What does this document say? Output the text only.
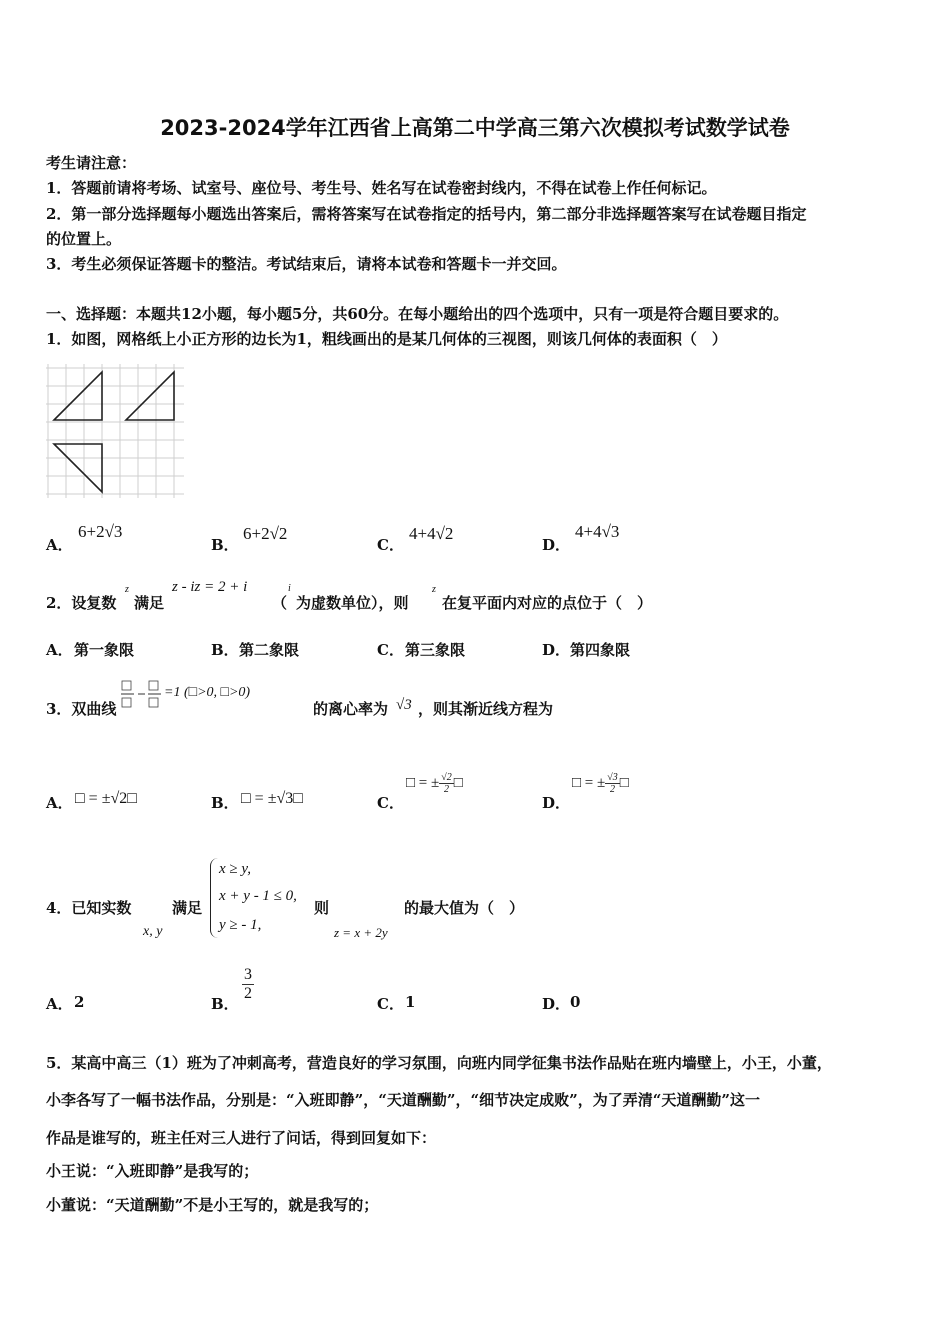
2023-2024学年江西省上高第二中学高三第六次模拟考试数学试卷
考生请注意：
1．答题前请将考场、试室号、座位号、考生号、姓名写在试卷密封线内，不得在试卷上作任何标记。
2．第一部分选择题每小题选出答案后，需将答案写在试卷指定的括号内，第二部分非选择题答案写在试卷题目指定
的位置上。
3．考生必须保证答题卡的整洁。考试结束后，请将本试卷和答题卡一并交回。
一、选择题：本题共12小题，每小题5分，共60分。在每小题给出的四个选项中，只有一项是符合题目要求的。
1．如图，网格纸上小正方形的边长为1，粗线画出的是某几何体的三视图，则该几何体的表面积（　）
A．
6+2√3
B．
6+2√2
C．
4+4√2
D．
4+4√3
2．设复数
z
满足
z - iz = 2 + i
（
i
为虚数单位），则
z
在复平面内对应的点位于（　）
A． 第一象限	B． 第二象限	C． 第三象限	D． 第四象限
3．双曲线
=1 (□>0, □>0)
的离心率为 √3 ，则其渐近线方程为
A． □ = ±√2□	B． □ = ±√3□	C．
□ = ± $\frac{√2}{2}$ □
D．
□ = ± $\frac{√3}{2}$ □
4．已知实数
x, y
满足
x ≥ y,
x + y - 1 ≤ 0,
y ≥ - 1,
则
z = x + 2y
的最大值为（　）
A． 2	B．
$\frac{3}{2}$
C． 1	D． 0
5．某高中高三（1）班为了冲刺高考，营造良好的学习氛围，向班内同学征集书法作品贴在班内墙壁上，小王，小董，
小李各写了一幅书法作品，分别是：“入班即静”，“天道酬勤”，“细节决定成败”，为了弄清“天道酬勤”这一
作品是谁写的，班主任对三人进行了问话，得到回复如下：
小王说：“入班即静”是我写的；
小董说：“天道酬勤”不是小王写的，就是我写的；
